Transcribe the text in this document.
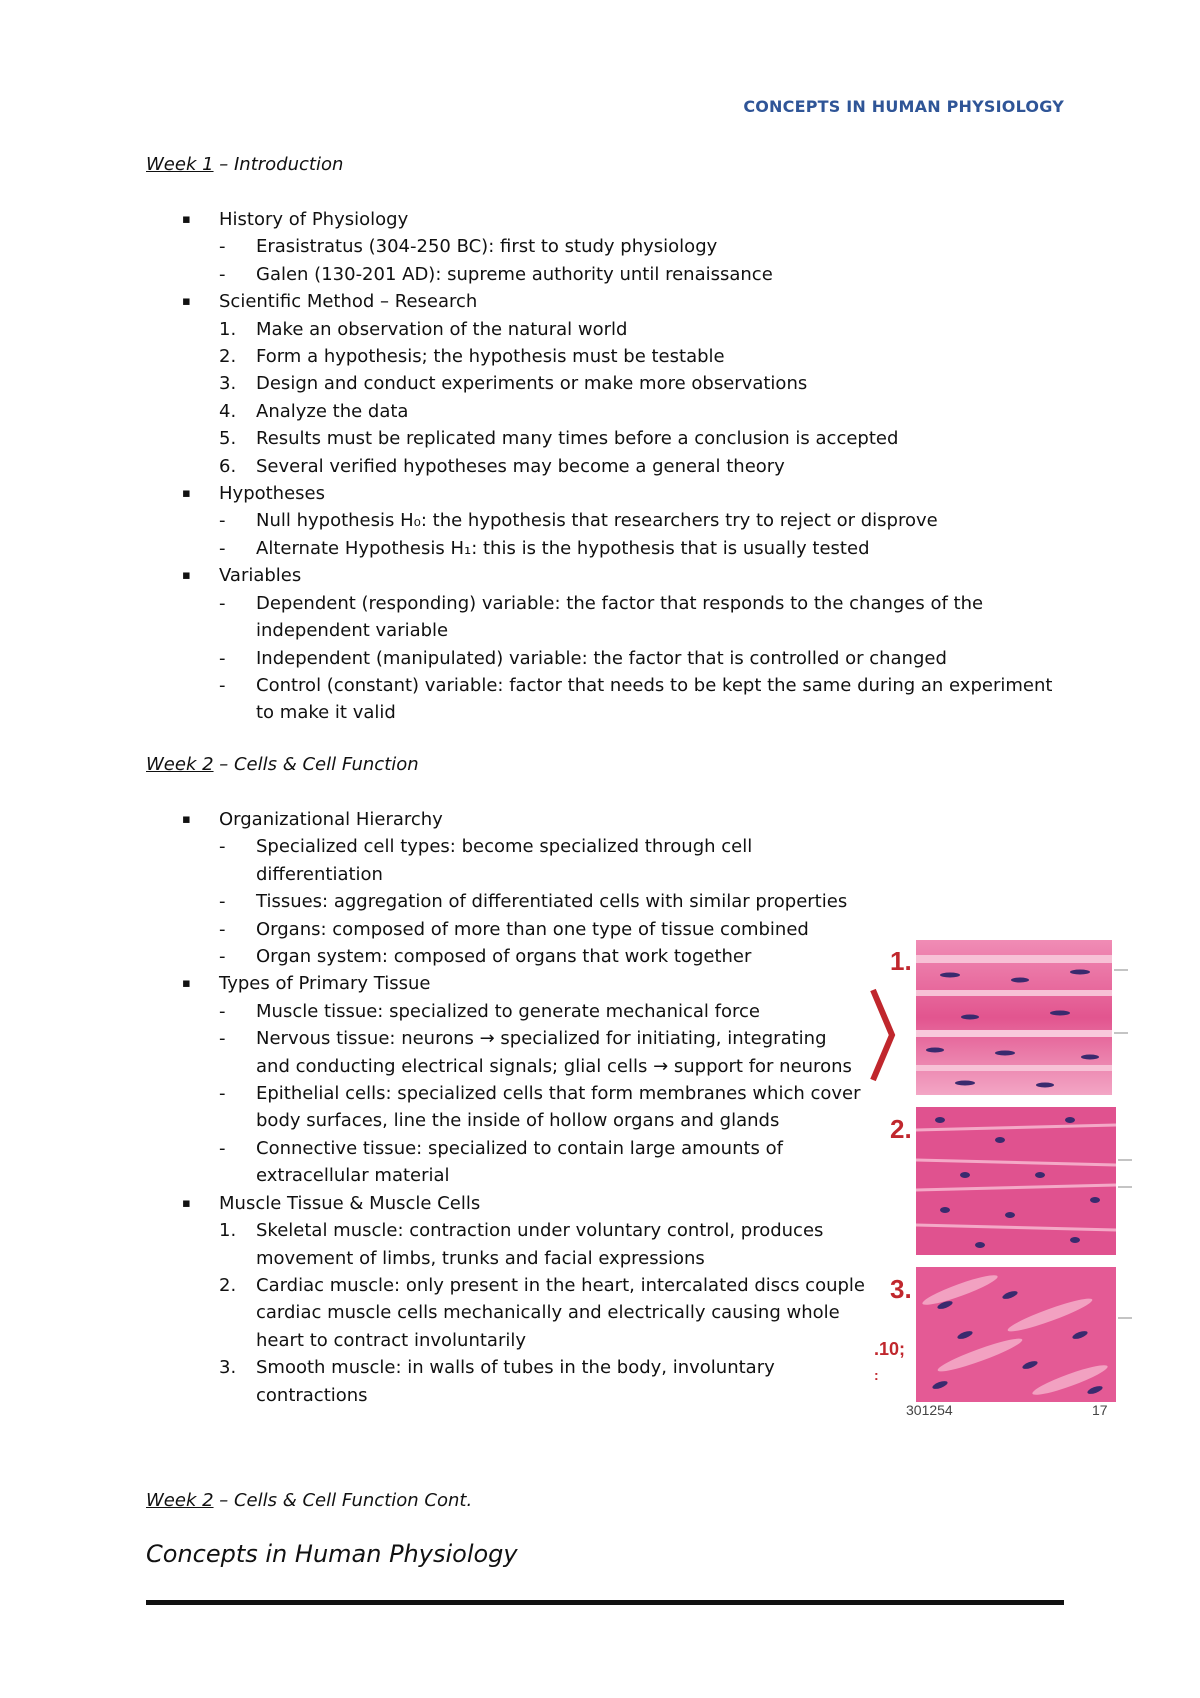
CONCEPTS IN HUMAN PHYSIOLOGY
Week 1 – Introduction
▪ History of Physiology
-	Erasistratus (304-250 BC): first to study physiology
-	Galen (130-201 AD): supreme authority until renaissance
▪ Scientific Method – Research
1.	Make an observation of the natural world
2.	Form a hypothesis; the hypothesis must be testable
3.	Design and conduct experiments or make more observations
4.	Analyze the data
5.	Results must be replicated many times before a conclusion is accepted
6.	Several verified hypotheses may become a general theory
▪ Hypotheses
-	Null hypothesis H₀: the hypothesis that researchers try to reject or disprove
-	Alternate Hypothesis H₁: this is the hypothesis that is usually tested
▪ Variables
-	Dependent (responding) variable: the factor that responds to the changes of the independent variable
-	Independent (manipulated) variable: the factor that is controlled or changed
-	Control (constant) variable: factor that needs to be kept the same during an experiment to make it valid
Week 2 – Cells & Cell Function
▪ Organizational Hierarchy
-	Specialized cell types: become specialized through cell differentiation
-	Tissues: aggregation of differentiated cells with similar properties
-	Organs: composed of more than one type of tissue combined
-	Organ system: composed of organs that work together
▪ Types of Primary Tissue
-	Muscle tissue: specialized to generate mechanical force
-	Nervous tissue: neurons → specialized for initiating, integrating and conducting electrical signals; glial cells → support for neurons
-	Epithelial cells: specialized cells that form membranes which cover body surfaces, line the inside of hollow organs and glands
-	Connective tissue: specialized to contain large amounts of extracellular material
▪ Muscle Tissue & Muscle Cells
1.	Skeletal muscle: contraction under voluntary control, produces movement of limbs, trunks and facial expressions
2.	Cardiac muscle: only present in the heart, intercalated discs couple cardiac muscle cells mechanically and electrically causing whole heart to contract involuntarily
3.	Smooth muscle: in walls of tubes in the body, involuntary contractions
1.
2.
3.
.10;
:
301254	17
Week 2 – Cells & Cell Function Cont.
Concepts in Human Physiology
